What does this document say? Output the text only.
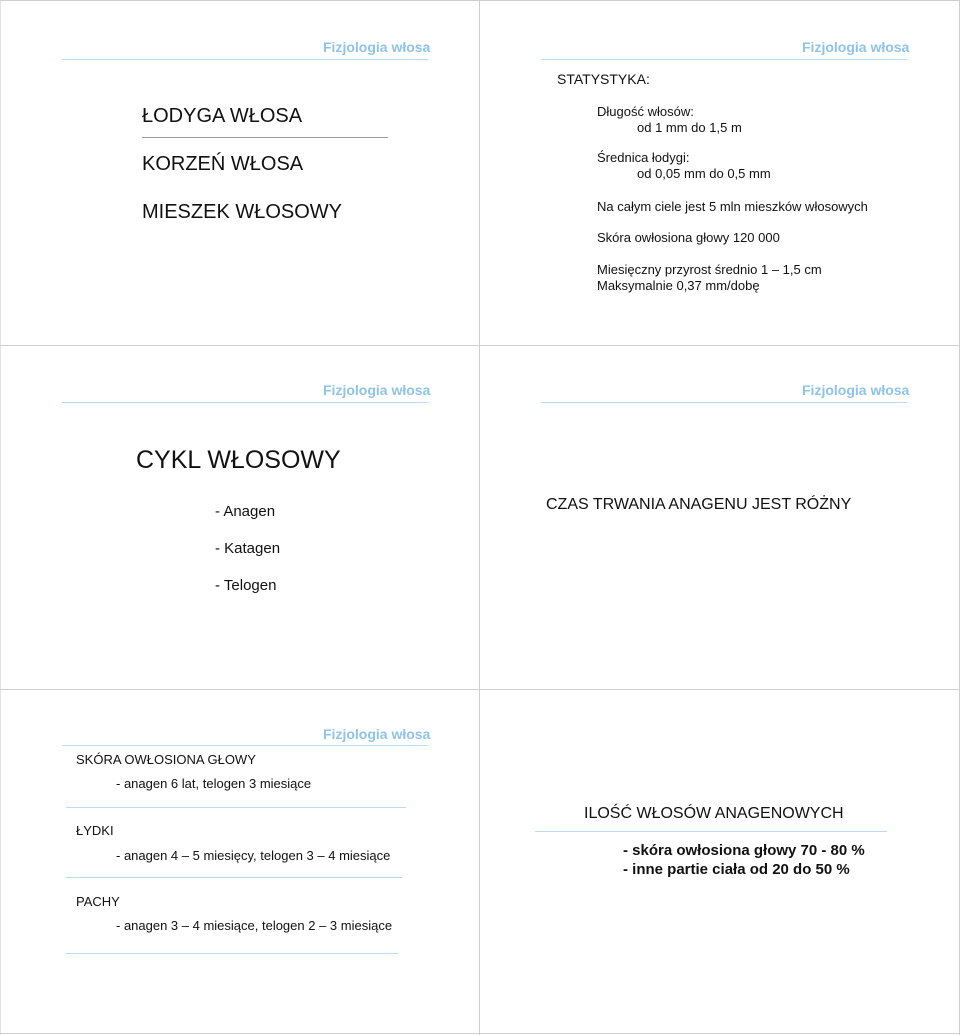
Fizjologia włosa
ŁODYGA WŁOSA
KORZEŃ WŁOSA
MIESZEK WŁOSOWY
Fizjologia włosa
STATYSTYKA:
Długość włosów:
od 1 mm do 1,5 m
Średnica łodygi:
od 0,05 mm do 0,5 mm
Na całym ciele jest 5 mln mieszków włosowych
Skóra owłosiona głowy 120 000
Miesięczny przyrost średnio 1 – 1,5 cm
Maksymalnie 0,37 mm/dobę
Fizjologia włosa
CYKL WŁOSOWY
- Anagen
- Katagen
- Telogen
Fizjologia włosa
CZAS TRWANIA ANAGENU JEST RÓŻNY
Fizjologia włosa
SKÓRA OWŁOSIONA GŁOWY
- anagen 6 lat, telogen 3 miesiące
ŁYDKI
- anagen 4 – 5 miesięcy, telogen 3 – 4 miesiące
PACHY
- anagen 3 – 4 miesiące, telogen 2 – 3 miesiące
ILOŚĆ WŁOSÓW ANAGENOWYCH
- skóra owłosiona głowy 70 - 80 %
- inne partie ciała od 20 do 50 %
